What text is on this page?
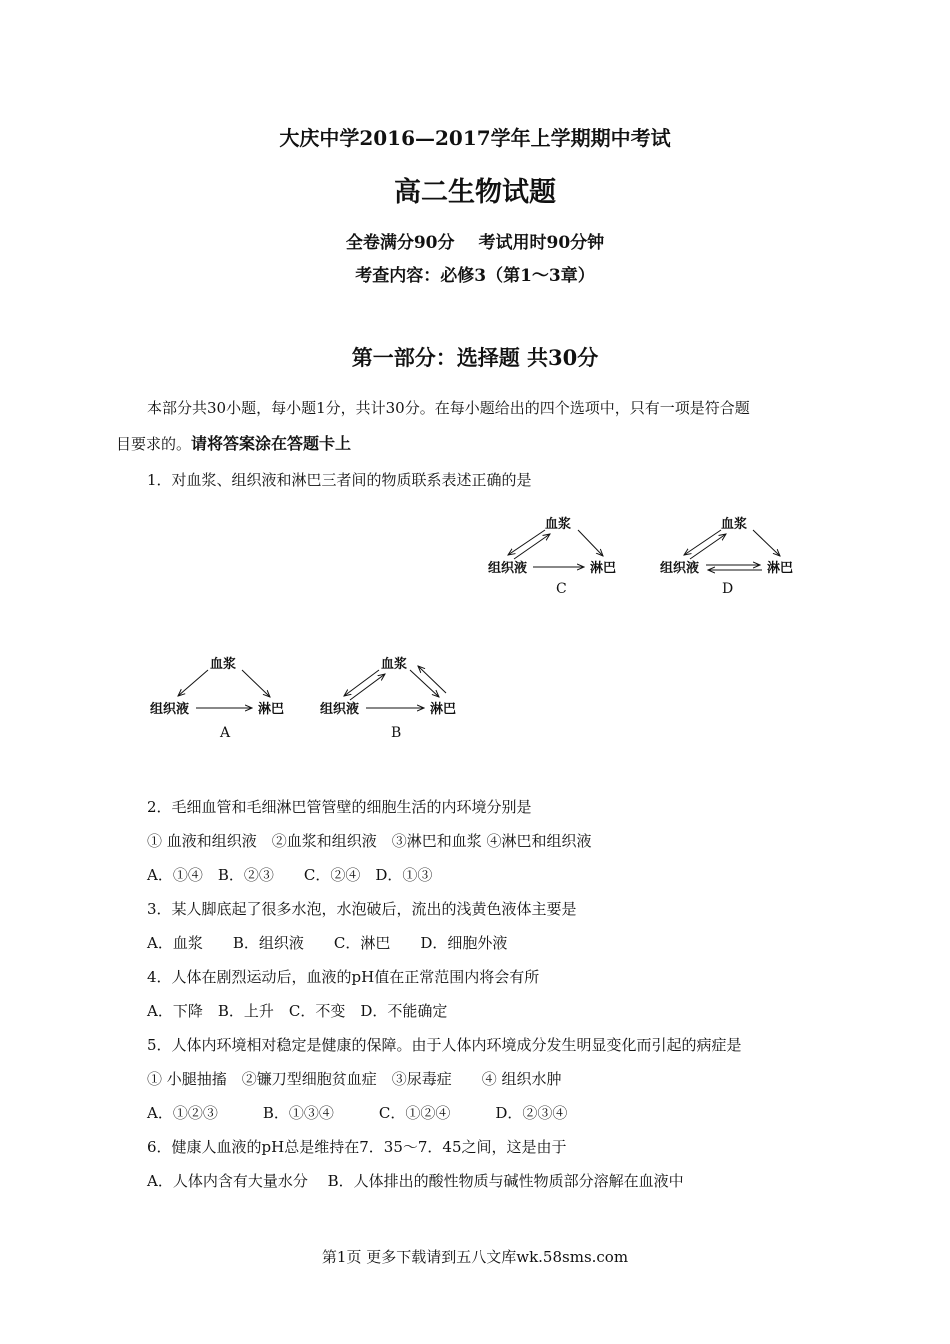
大庆中学2016—2017学年上学期期中考试
高二生物试题
全卷满分90分 考试用时90分钟
考查内容：必修3（第1～3章）
第一部分：选择题 共30分
本部分共30小题，每小题1分，共计30分。在每小题给出的四个选项中，只有一项是符合题
目要求的。请将答案涂在答题卡上
1．对血浆、组织液和淋巴三者间的物质联系表述正确的是
血浆
组织液	淋巴
C
血浆
组织液	淋巴
D
血浆
组织液	淋巴
A
血浆
组织液	淋巴
B
2．毛细血管和毛细淋巴管管壁的细胞生活的内环境分别是
① 血液和组织液　②血浆和组织液　③淋巴和血浆 ④淋巴和组织液
A．①④　B．②③　　C．②④　D．①③
3．某人脚底起了很多水泡，水泡破后，流出的浅黄色液体主要是
A．血浆　　B．组织液　　C．淋巴　　D．细胞外液
4．人体在剧烈运动后，血液的pH值在正常范围内将会有所
A．下降　B．上升　C．不变　D．不能确定
5．人体内环境相对稳定是健康的保障。由于人体内环境成分发生明显变化而引起的病症是
① 小腿抽搐　②镰刀型细胞贫血症　③尿毒症　　④ 组织水肿
A．①②③　　　B．①③④　　　C．①②④　　　D．②③④
6．健康人血液的pH总是维持在7．35～7．45之间，这是由于
A．人体内含有大量水分　 B．人体排出的酸性物质与碱性物质部分溶解在血液中
第1页 更多下载请到五八文库wk.58sms.com
